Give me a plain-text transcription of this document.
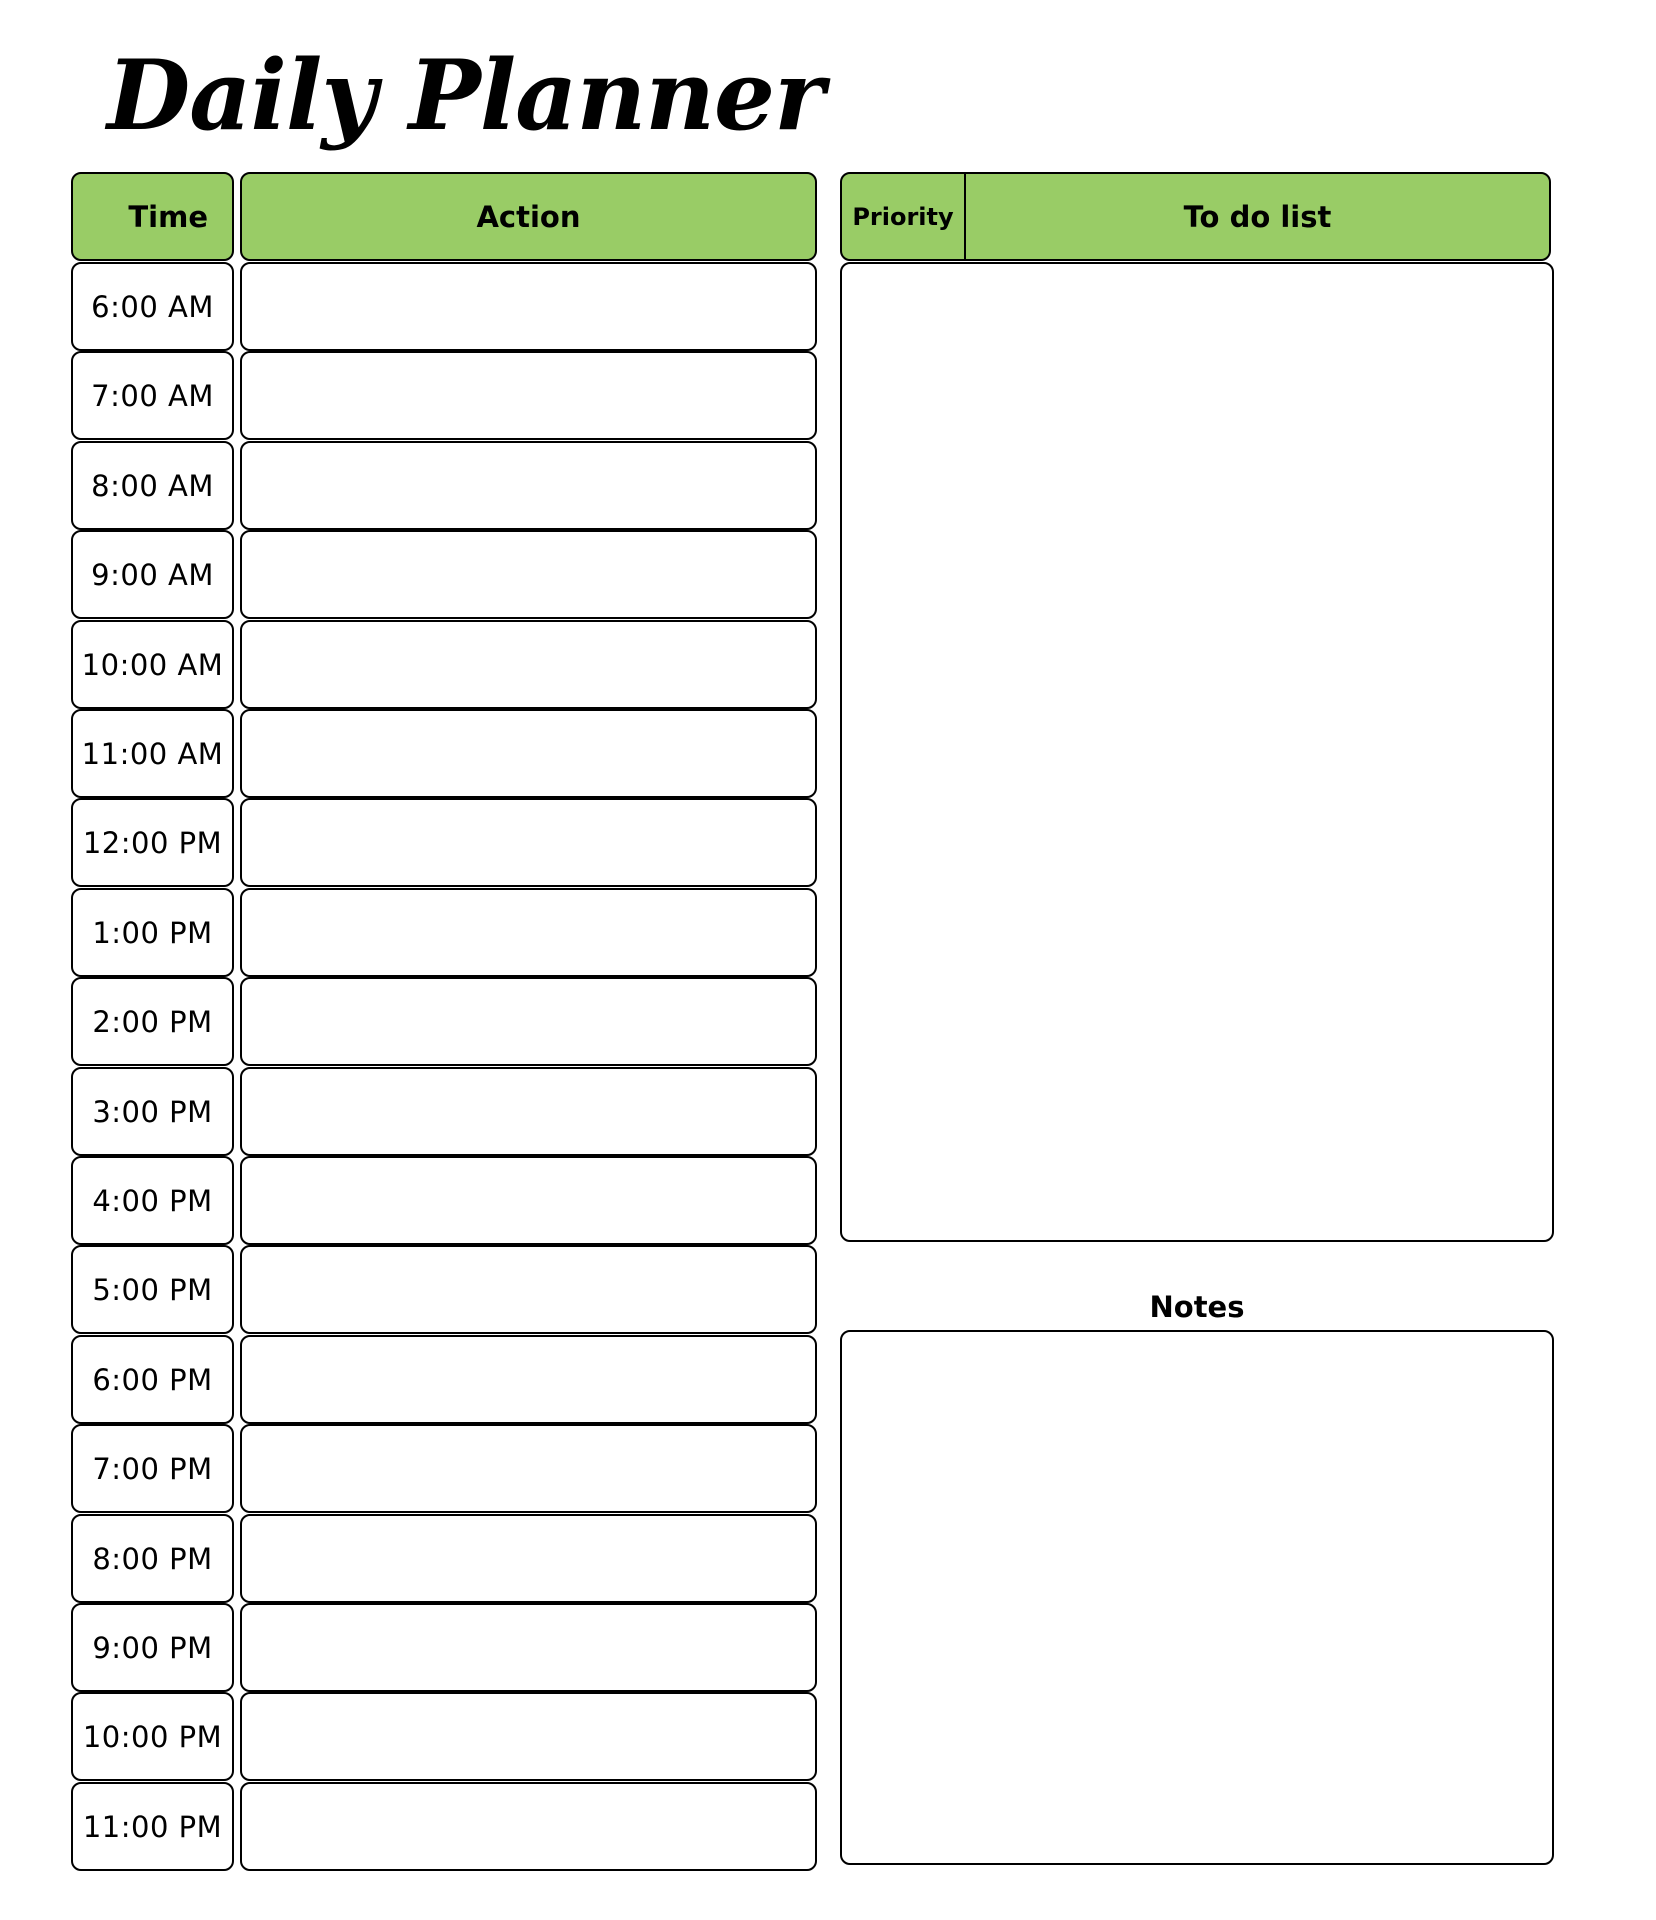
Daily Planner
Time	Action	Priority	To do list
6:00 AM
7:00 AM
8:00 AM
9:00 AM
10:00 AM
11:00 AM
12:00 PM
1:00 PM
2:00 PM
3:00 PM
4:00 PM
5:00 PM
6:00 PM
7:00 PM
8:00 PM
9:00 PM
10:00 PM
11:00 PM
Notes
